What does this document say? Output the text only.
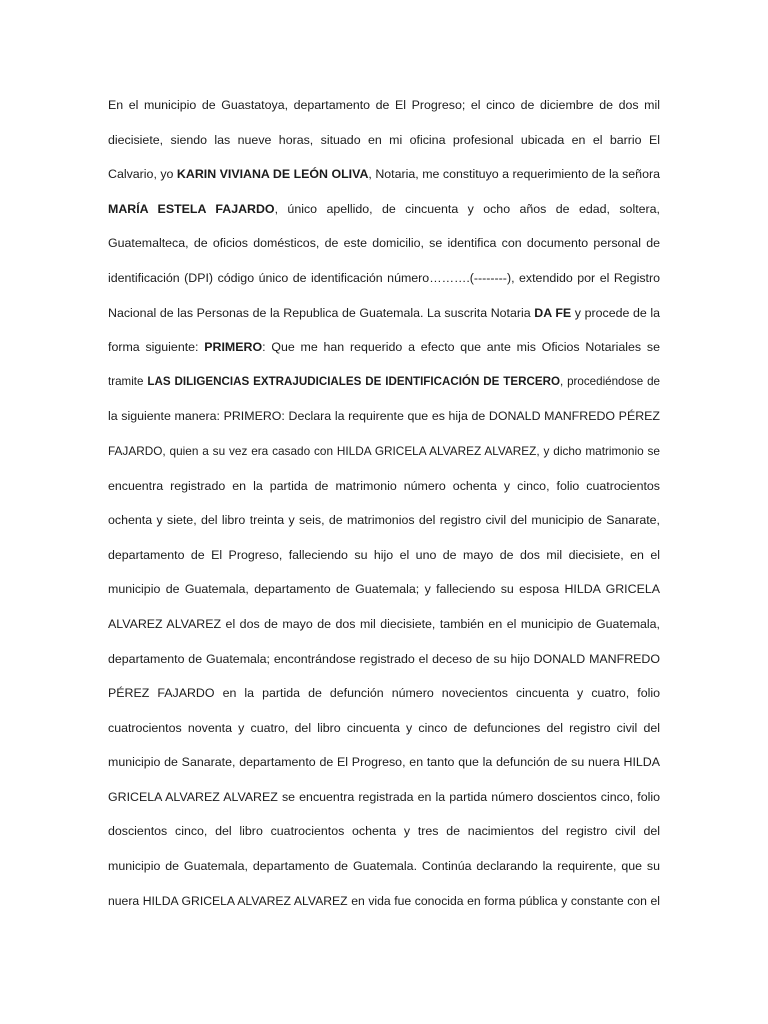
En el municipio de Guastatoya, departamento de El Progreso; el cinco de diciembre de dos mil
diecisiete, siendo las nueve horas, situado en mi oficina profesional ubicada en el barrio El
Calvario, yo KARIN VIVIANA DE LEÓN OLIVA, Notaria, me constituyo a requerimiento de la señora
MARÍA ESTELA FAJARDO, único apellido, de cincuenta y ocho años de edad, soltera,
Guatemalteca, de oficios domésticos, de este domicilio, se identifica con documento personal de
identificación (DPI) código único de identificación número……….(--------), extendido por el Registro
Nacional de las Personas de la Republica de Guatemala. La suscrita Notaria DA FE y procede de la
forma siguiente: PRIMERO: Que me han requerido a efecto que ante mis Oficios Notariales se
tramite LAS DILIGENCIAS EXTRAJUDICIALES DE IDENTIFICACIÓN DE TERCERO, procediéndose de
la siguiente manera: PRIMERO: Declara la requirente que es hija de DONALD MANFREDO PÉREZ
FAJARDO, quien a su vez era casado con HILDA GRICELA ALVAREZ ALVAREZ, y dicho matrimonio se
encuentra registrado en la partida de matrimonio número ochenta y cinco, folio cuatrocientos
ochenta y siete, del libro treinta y seis, de matrimonios del registro civil del municipio de Sanarate,
departamento de El Progreso, falleciendo su hijo el uno de mayo de dos mil diecisiete, en el
municipio de Guatemala, departamento de Guatemala; y falleciendo su esposa HILDA GRICELA
ALVAREZ ALVAREZ el dos de mayo de dos mil diecisiete, también en el municipio de Guatemala,
departamento de Guatemala; encontrándose registrado el deceso de su hijo DONALD MANFREDO
PÉREZ FAJARDO en la partida de defunción número novecientos cincuenta y cuatro, folio
cuatrocientos noventa y cuatro, del libro cincuenta y cinco de defunciones del registro civil del
municipio de Sanarate, departamento de El Progreso, en tanto que la defunción de su nuera HILDA
GRICELA ALVAREZ ALVAREZ se encuentra registrada en la partida número doscientos cinco, folio
doscientos cinco, del libro cuatrocientos ochenta y tres de nacimientos del registro civil del
municipio de Guatemala, departamento de Guatemala. Continúa declarando la requirente, que su
nuera HILDA GRICELA ALVAREZ ALVAREZ en vida fue conocida en forma pública y constante con el
